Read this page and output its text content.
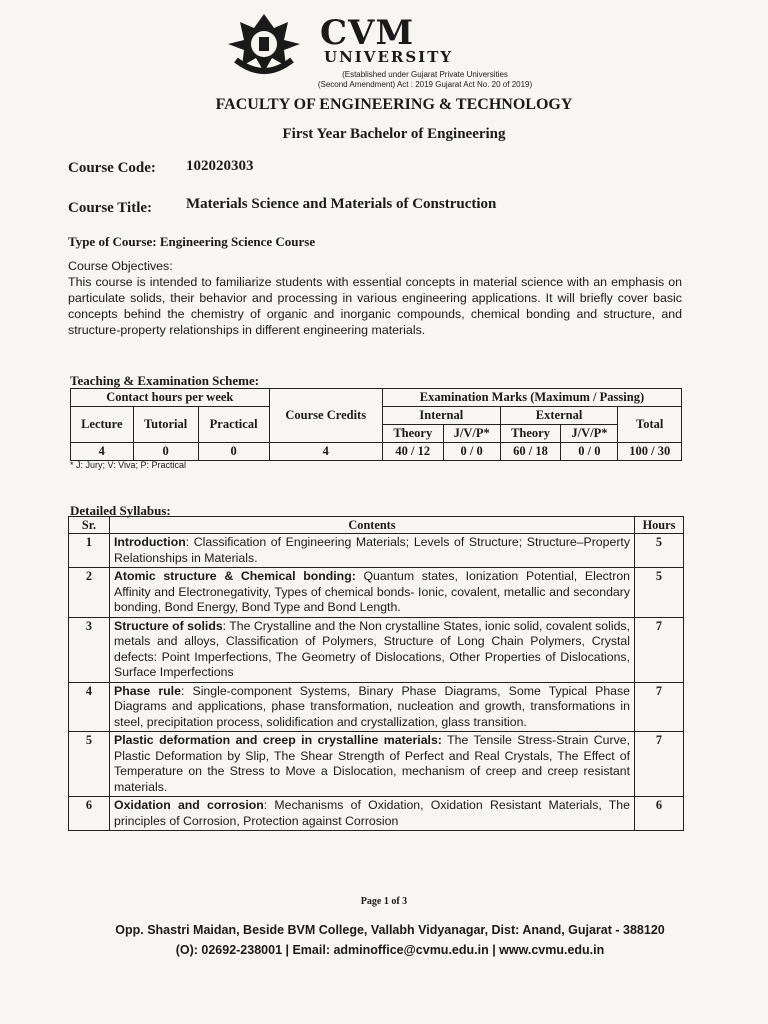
CVM
UNIVERSITY
(Established under Gujarat Private Universities
(Second Amendment) Act : 2019 Gujarat Act No. 20 of 2019)
FACULTY OF ENGINEERING & TECHNOLOGY
First Year Bachelor of Engineering
Course Code: 102020303
Course Title: Materials Science and Materials of Construction
Type of Course: Engineering Science Course
Course Objectives:
This course is intended to familiarize students with essential concepts in material science with an emphasis on particulate solids, their behavior and processing in various engineering applications. It will briefly cover basic concepts behind the chemistry of organic and inorganic compounds, chemical bonding and structure, and structure-property relationships in different engineering materials.
Teaching & Examination Scheme:
Contact hours per week			Course Credits	Examination Marks (Maximum / Passing)				
Lecture	Tutorial	Practical		Internal		External		Total
				Theory	J/V/P*	Theory	J/V/P*	
4	0	0	4	40 / 12	0 / 0	60 / 18	0 / 0	100 / 30
* J: Jury; V: Viva; P: Practical
Detailed Syllabus:
Sr.	Contents	Hours
1	Introduction: Classification of Engineering Materials; Levels of Structure; Structure–Property Relationships in Materials.	5
2	Atomic structure & Chemical bonding: Quantum states, Ionization Potential, Electron Affinity and Electronegativity, Types of chemical bonds- Ionic, covalent, metallic and secondary bonding, Bond Energy, Bond Type and Bond Length.	5
3	Structure of solids: The Crystalline and the Non crystalline States, ionic solid, covalent solids, metals and alloys, Classification of Polymers, Structure of Long Chain Polymers, Crystal defects: Point Imperfections, The Geometry of Dislocations, Other Properties of Dislocations, Surface Imperfections	7
4	Phase rule: Single-component Systems, Binary Phase Diagrams, Some Typical Phase Diagrams and applications, phase transformation, nucleation and growth, transformations in steel, precipitation process, solidification and crystallization, glass transition.	7
5	Plastic deformation and creep in crystalline materials: The Tensile Stress-Strain Curve, Plastic Deformation by Slip, The Shear Strength of Perfect and Real Crystals, The Effect of Temperature on the Stress to Move a Dislocation, mechanism of creep and creep resistant materials.	7
6	Oxidation and corrosion: Mechanisms of Oxidation, Oxidation Resistant Materials, The principles of Corrosion, Protection against Corrosion	6
Page 1 of 3
Opp. Shastri Maidan, Beside BVM College, Vallabh Vidyanagar, Dist: Anand, Gujarat - 388120
(O): 02692-238001 | Email: adminoffice@cvmu.edu.in | www.cvmu.edu.in
